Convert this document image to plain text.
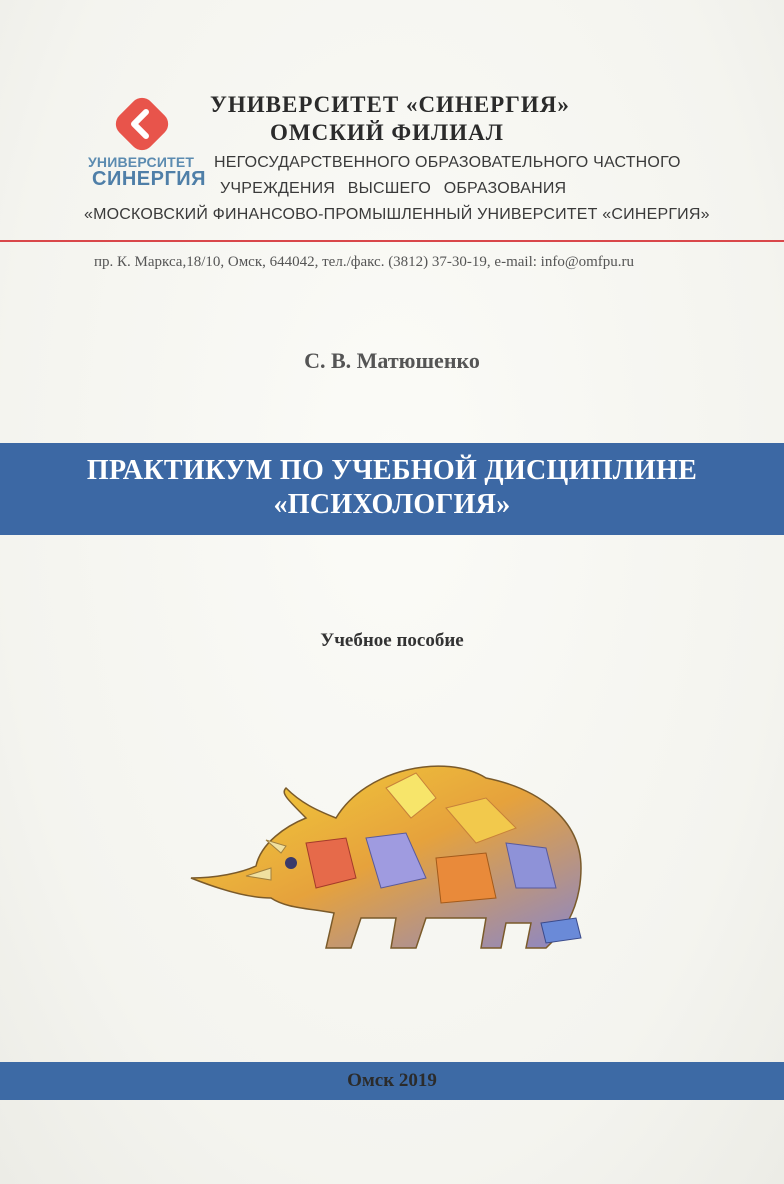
УНИВЕРСИТЕТ
СИНЕРГИЯ
УНИВЕРСИТЕТ «СИНЕРГИЯ»
ОМСКИЙ ФИЛИАЛ
НЕГОСУДАРСТВЕННОГО ОБРАЗОВАТЕЛЬНОГО ЧАСТНОГО
УЧРЕЖДЕНИЯ ВЫСШЕГО ОБРАЗОВАНИЯ
«МОСКОВСКИЙ ФИНАНСОВО-ПРОМЫШЛЕННЫЙ УНИВЕРСИТЕТ «СИНЕРГИЯ»
пр. К. Маркса,18/10, Омск, 644042, тел./факс. (3812) 37-30-19, e-mail: info@omfpu.ru
С. В. Матюшенко
ПРАКТИКУМ ПО УЧЕБНОЙ ДИСЦИПЛИНЕ
«ПСИХОЛОГИЯ»
Учебное пособие
Омск 2019
